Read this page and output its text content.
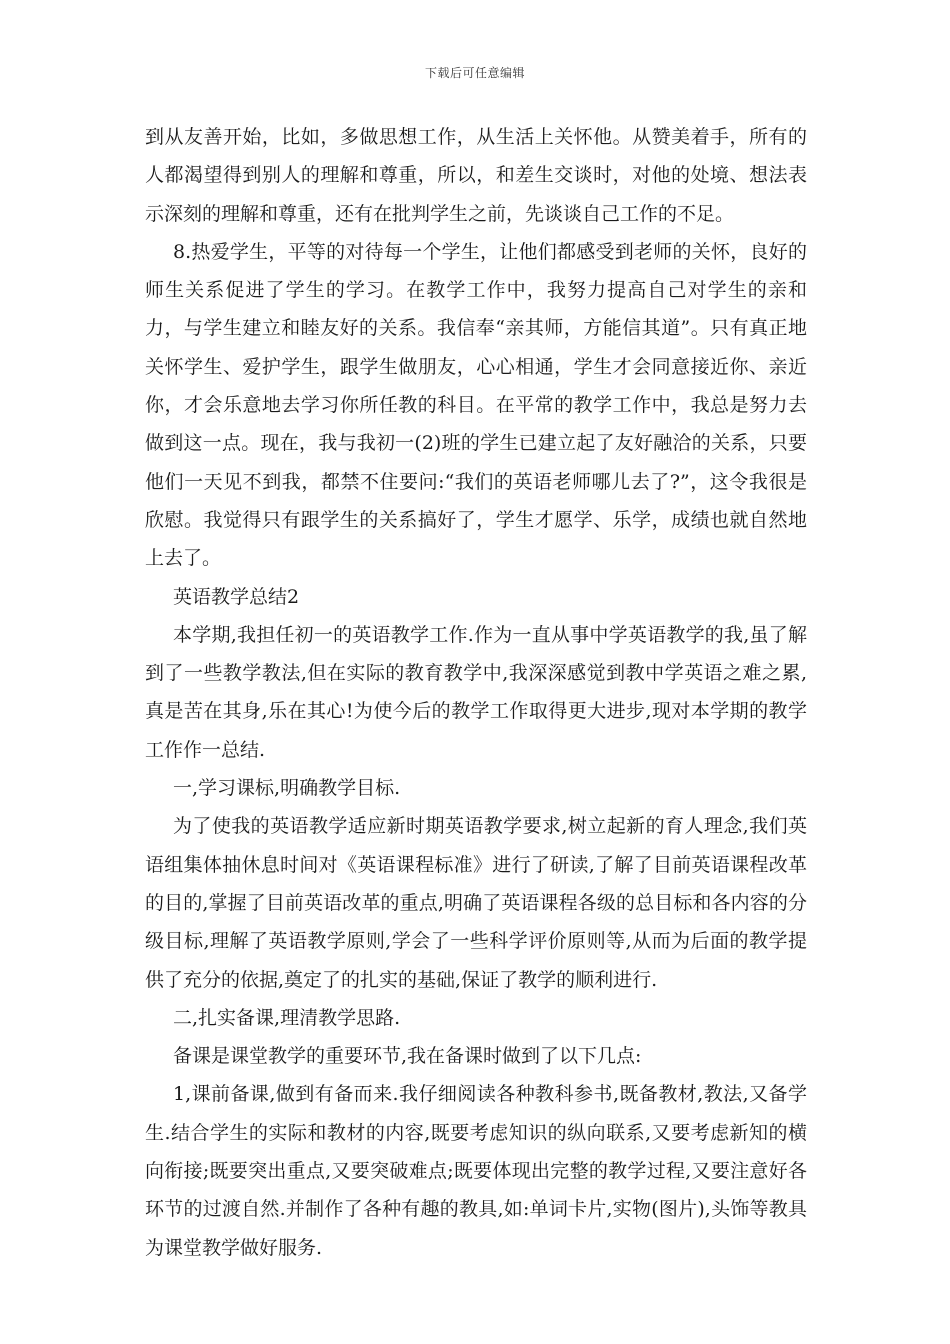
下载后可任意编辑

到从友善开始，比如，多做思想工作，从生活上关怀他。从赞美着手，所有的人都渴望得到别人的理解和尊重，所以，和差生交谈时，对他的处境、想法表示深刻的理解和尊重，还有在批判学生之前，先谈谈自己工作的不足。

8.热爱学生，平等的对待每一个学生，让他们都感受到老师的关怀，良好的师生关系促进了学生的学习。在教学工作中，我努力提高自己对学生的亲和力，与学生建立和睦友好的关系。我信奉“亲其师，方能信其道”。只有真正地关怀学生、爱护学生，跟学生做朋友，心心相通，学生才会同意接近你、亲近你，才会乐意地去学习你所任教的科目。在平常的教学工作中，我总是努力去做到这一点。现在，我与我初一(2)班的学生已建立起了友好融洽的关系，只要他们一天见不到我，都禁不住要问:“我们的英语老师哪儿去了?”，这令我很是欣慰。我觉得只有跟学生的关系搞好了，学生才愿学、乐学，成绩也就自然地上去了。

英语教学总结2

本学期,我担任初一的英语教学工作.作为一直从事中学英语教学的我,虽了解到了一些教学教法,但在实际的教育教学中,我深深感觉到教中学英语之难之累,真是苦在其身,乐在其心!为使今后的教学工作取得更大进步,现对本学期的教学工作作一总结.

一,学习课标,明确教学目标.

为了使我的英语教学适应新时期英语教学要求,树立起新的育人理念,我们英语组集体抽休息时间对《英语课程标准》进行了研读,了解了目前英语课程改革的目的,掌握了目前英语改革的重点,明确了英语课程各级的总目标和各内容的分级目标,理解了英语教学原则,学会了一些科学评价原则等,从而为后面的教学提供了充分的依据,奠定了的扎实的基础,保证了教学的顺利进行.

二,扎实备课,理清教学思路.

备课是课堂教学的重要环节,我在备课时做到了以下几点:

1,课前备课,做到有备而来.我仔细阅读各种教科参书,既备教材,教法,又备学生.结合学生的实际和教材的内容,既要考虑知识的纵向联系,又要考虑新知的横向衔接;既要突出重点,又要突破难点;既要体现出完整的教学过程,又要注意好各环节的过渡自然.并制作了各种有趣的教具,如:单词卡片,实物(图片),头饰等教具为课堂教学做好服务.
